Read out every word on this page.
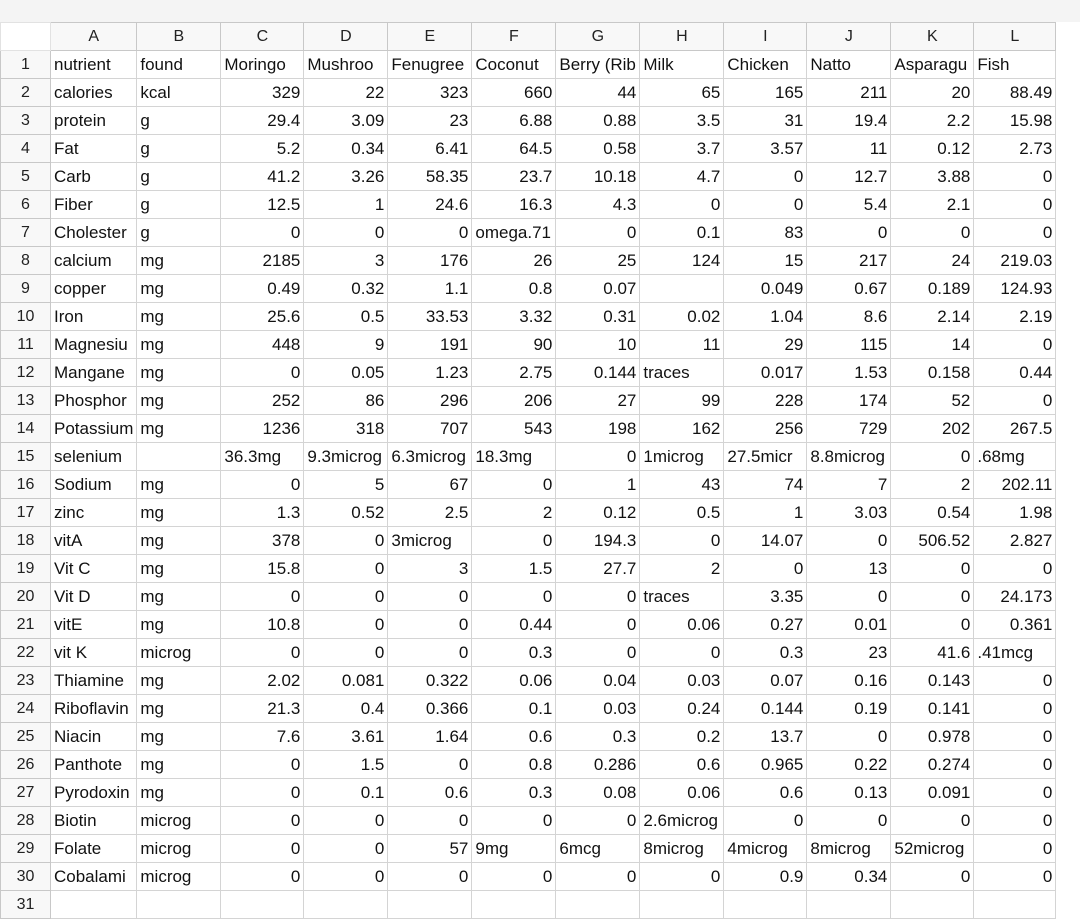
	A	B	C	D	E	F	G	H	I	J	K	L
1	nutrient	found	Moringo	Mushroo	Fenugree	Coconut	Berry (Rib	Milk	Chicken	Natto	Asparagu	Fish
2	calories	kcal	329	22	323	660	44	65	165	211	20	88.49
3	protein	g	29.4	3.09	23	6.88	0.88	3.5	31	19.4	2.2	15.98
4	Fat	g	5.2	0.34	6.41	64.5	0.58	3.7	3.57	11	0.12	2.73
5	Carb	g	41.2	3.26	58.35	23.7	10.18	4.7	0	12.7	3.88	0
6	Fiber	g	12.5	1	24.6	16.3	4.3	0	0	5.4	2.1	0
7	Cholester	g	0	0	0	omega.71	0	0.1	83	0	0	0
8	calcium	mg	2185	3	176	26	25	124	15	217	24	219.03
9	copper	mg	0.49	0.32	1.1	0.8	0.07		0.049	0.67	0.189	124.93
10	Iron	mg	25.6	0.5	33.53	3.32	0.31	0.02	1.04	8.6	2.14	2.19
11	Magnesiu	mg	448	9	191	90	10	11	29	115	14	0
12	Mangane	mg	0	0.05	1.23	2.75	0.144	traces	0.017	1.53	0.158	0.44
13	Phosphor	mg	252	86	296	206	27	99	228	174	52	0
14	Potassium	mg	1236	318	707	543	198	162	256	729	202	267.5
15	selenium		36.3mg	9.3microg	6.3microg	18.3mg	0	1microg	27.5micr	8.8microg	0	.68mg
16	Sodium	mg	0	5	67	0	1	43	74	7	2	202.11
17	zinc	mg	1.3	0.52	2.5	2	0.12	0.5	1	3.03	0.54	1.98
18	vitA	mg	378	0	3microg	0	194.3	0	14.07	0	506.52	2.827
19	Vit C	mg	15.8	0	3	1.5	27.7	2	0	13	0	0
20	Vit D	mg	0	0	0	0	0	traces	3.35	0	0	24.173
21	vitE	mg	10.8	0	0	0.44	0	0.06	0.27	0.01	0	0.361
22	vit K	microg	0	0	0	0.3	0	0	0.3	23	41.6	.41mcg
23	Thiamine	mg	2.02	0.081	0.322	0.06	0.04	0.03	0.07	0.16	0.143	0
24	Riboflavin	mg	21.3	0.4	0.366	0.1	0.03	0.24	0.144	0.19	0.141	0
25	Niacin	mg	7.6	3.61	1.64	0.6	0.3	0.2	13.7	0	0.978	0
26	Panthote	mg	0	1.5	0	0.8	0.286	0.6	0.965	0.22	0.274	0
27	Pyrodoxin	mg	0	0.1	0.6	0.3	0.08	0.06	0.6	0.13	0.091	0
28	Biotin	microg	0	0	0	0	0	2.6microg	0	0	0	0
29	Folate	microg	0	0	57	9mg	6mcg	8microg	4microg	8microg	52microg	0
30	Cobalami	microg	0	0	0	0	0	0	0.9	0.34	0	0
31												
